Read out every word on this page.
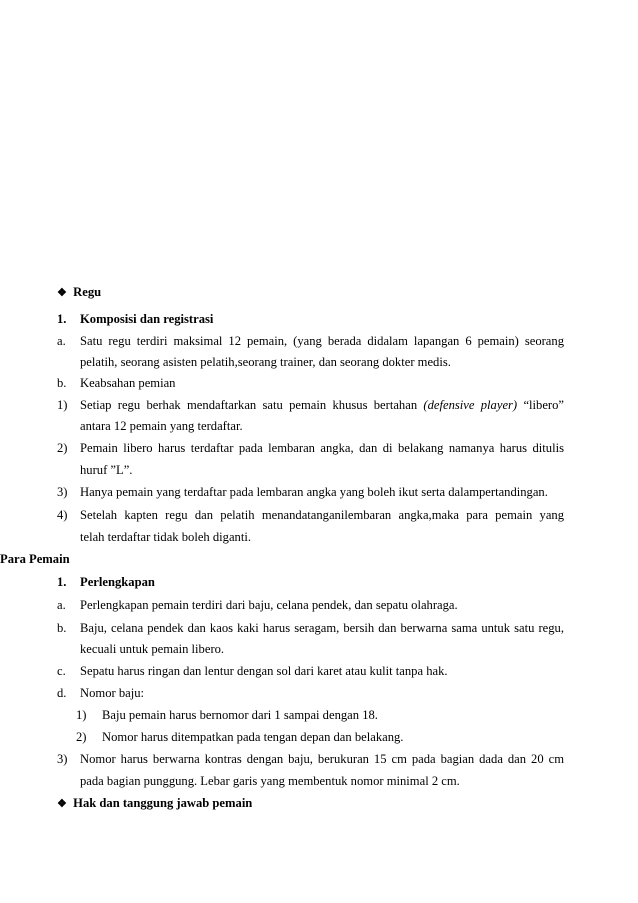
❖ Regu
1. Komposisi dan registrasi
a. Satu regu terdiri maksimal 12 pemain, (yang berada didalam lapangan 6 pemain) seorang
pelatih, seorang asisten pelatih,seorang trainer, dan seorang dokter medis.
b. Keabsahan pemian
1) Setiap regu berhak mendaftarkan satu pemain khusus bertahan (defensive player) “libero”
antara 12 pemain yang terdaftar.
2) Pemain libero harus terdaftar pada lembaran angka, dan di belakang namanya harus ditulis
huruf ”L”.
3) Hanya pemain yang terdaftar pada lembaran angka yang boleh ikut serta dalampertandingan.
4) Setelah kapten regu dan pelatih menandatanganilembaran angka,maka para pemain yang
telah terdaftar tidak boleh diganti.
Para Pemain
1. Perlengkapan
a. Perlengkapan pemain terdiri dari baju, celana pendek, dan sepatu olahraga.
b. Baju, celana pendek dan kaos kaki harus seragam, bersih dan berwarna sama untuk satu regu,
kecuali untuk pemain libero.
c. Sepatu harus ringan dan lentur dengan sol dari karet atau kulit tanpa hak.
d. Nomor baju:
1) Baju pemain harus bernomor dari 1 sampai dengan 18.
2) Nomor harus ditempatkan pada tengan depan dan belakang.
3) Nomor harus berwarna kontras dengan baju, berukuran 15 cm pada bagian dada dan 20 cm
pada bagian punggung. Lebar garis yang membentuk nomor minimal 2 cm.
❖ Hak dan tanggung jawab pemain
